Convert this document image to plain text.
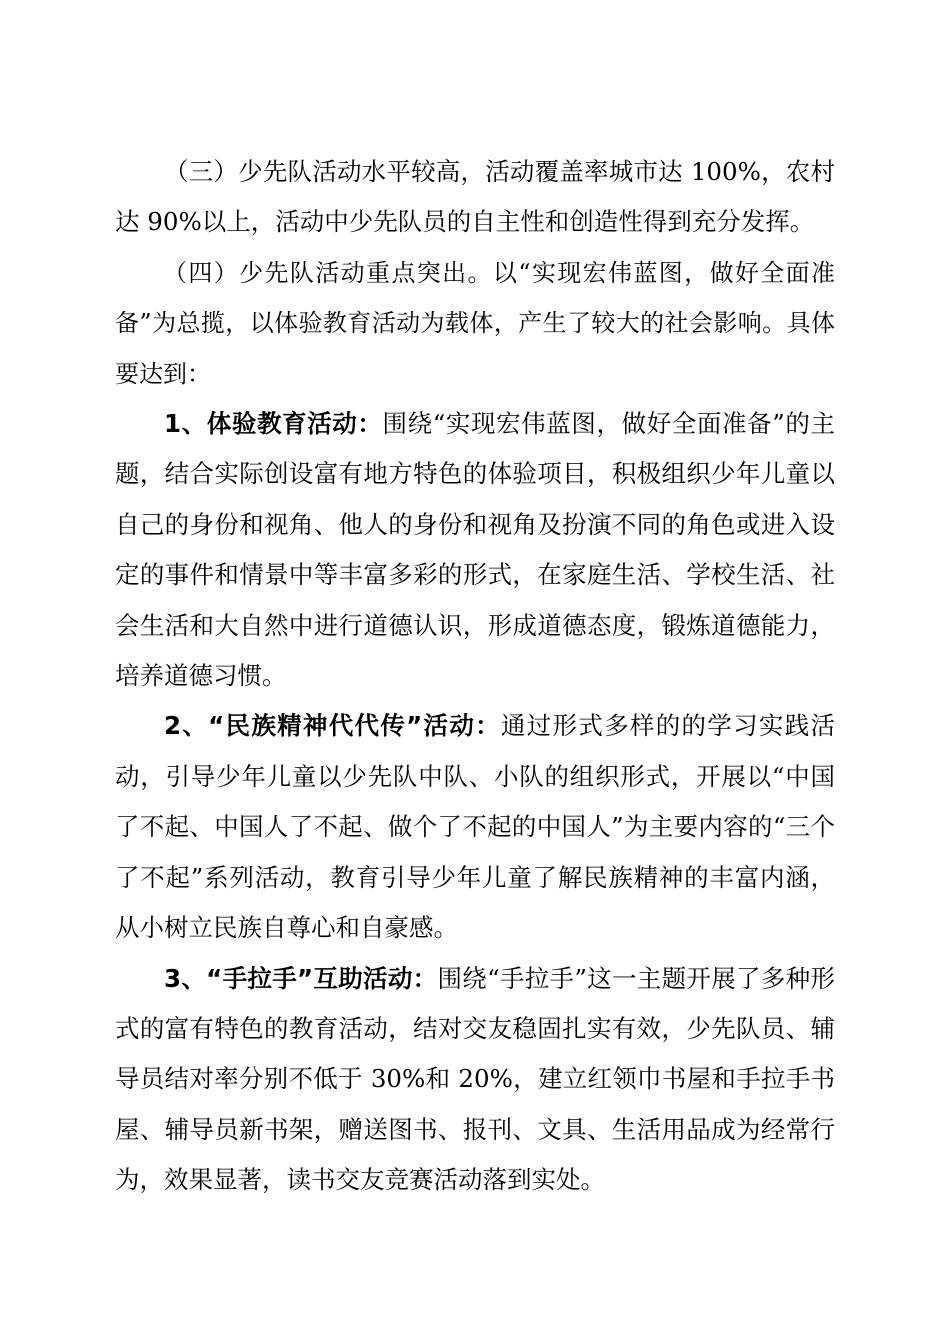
（三）少先队活动水平较高，活动覆盖率城市达 100%，农村达 90%以上，活动中少先队员的自主性和创造性得到充分发挥。

（四）少先队活动重点突出。以“实现宏伟蓝图，做好全面准备”为总揽，以体验教育活动为载体，产生了较大的社会影响。具体要达到：

1、体验教育活动：围绕“实现宏伟蓝图，做好全面准备”的主题，结合实际创设富有地方特色的体验项目，积极组织少年儿童以自己的身份和视角、他人的身份和视角及扮演不同的角色或进入设定的事件和情景中等丰富多彩的形式，在家庭生活、学校生活、社会生活和大自然中进行道德认识，形成道德态度，锻炼道德能力，培养道德习惯。

2、“民族精神代代传”活动：通过形式多样的的学习实践活动，引导少年儿童以少先队中队、小队的组织形式，开展以“中国了不起、中国人了不起、做个了不起的中国人”为主要内容的“三个了不起”系列活动，教育引导少年儿童了解民族精神的丰富内涵，从小树立民族自尊心和自豪感。

3、“手拉手”互助活动：围绕“手拉手”这一主题开展了多种形式的富有特色的教育活动，结对交友稳固扎实有效，少先队员、辅导员结对率分别不低于 30%和 20%，建立红领巾书屋和手拉手书屋、辅导员新书架，赠送图书、报刊、文具、生活用品成为经常行为，效果显著，读书交友竞赛活动落到实处。
